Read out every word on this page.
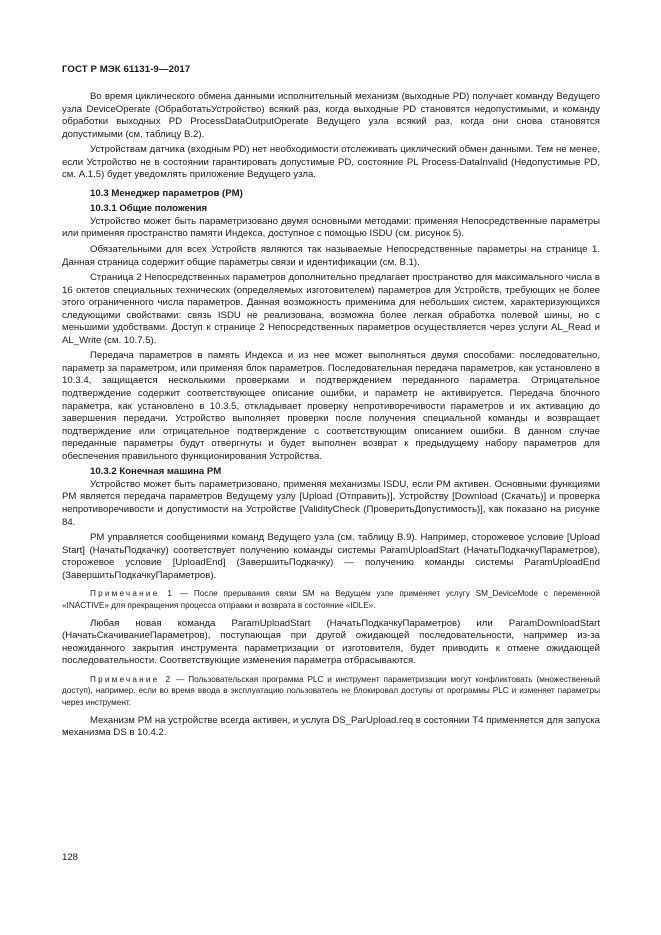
ГОСТ Р МЭК 61131-9—2017

Во время циклического обмена данными исполнительный механизм (выходные PD) получает команду Ведущего узла DeviceOperate (ОбработатьУстройство) всякий раз, когда выходные PD становятся недопустимыми, и команду обработки выходных PD ProcessDataOutputOperate Ведущего узла всякий раз, когда они снова становятся допустимыми (см. таблицу B.2).

Устройствам датчика (входным PD) нет необходимости отслеживать циклический обмен данными. Тем не менее, если Устройство не в состоянии гарантировать допустимые PD, состояние PL Process-DataInvalid (Недопустимые PD, см. A.1.5) будет уведомлять приложение Ведущего узла.

10.3 Менеджер параметров (PM)
10.3.1 Общие положения

Устройство может быть параметризовано двумя основными методами: применяя Непосредственные параметры или применяя пространство памяти Индекса, доступное с помощью ISDU (см. рисунок 5).

Обязательными для всех Устройств являются так называемые Непосредственные параметры на странице 1. Данная страница содержит общие параметры связи и идентификации (см. B.1).

Страница 2 Непосредственных параметров дополнительно предлагает пространство для максимального числа в 16 октетов специальных технических (определяемых изготовителем) параметров для Устройств, требующих не более этого ограниченного числа параметров. Данная возможность применима для небольших систем, характеризующихся следующими свойствами: связь ISDU не реализована, возможна более легкая обработка полевой шины, но с меньшими удобствами. Доступ к странице 2 Непосредственных параметров осуществляется через услуги AL_Read и AL_Write (см. 10.7.5).

Передача параметров в память Индекса и из нее может выполняться двумя способами: последовательно, параметр за параметром, или применяя блок параметров. Последовательная передача параметров, как установлено в 10.3.4, защищается несколькими проверками и подтверждением переданного параметра. Отрицательное подтверждение содержит соответствующее описание ошибки, и параметр не активируется. Передача блочного параметра, как установлено в 10.3.5, откладывает проверку непротиворечивости параметров и их активацию до завершения передачи. Устройство выполняет проверки после получения специальной команды и возвращает подтверждение или отрицательное подтверждение с соответствующим описанием ошибки. В данном случае переданные параметры будут отвергнуты и будет выполнен возврат к предыдущему набору параметров для обеспечения правильного функционирования Устройства.

10.3.2 Конечная машина PM

Устройство может быть параметризовано, применяя механизмы ISDU, если PM активен. Основными функциями PM является передача параметров Ведущему узлу [Upload (Отправить)], Устройству [Download (Скачать)] и проверка непротиворечивости и допустимости на Устройстве [ValidityCheck (ПроверитьДопустимость)], как показано на рисунке 84.

PM управляется сообщениями команд Ведущего узла (см. таблицу B.9). Например, сторожевое условие [Upload Start] (НачатьПодкачку) соответствует получению команды системы ParamUploadStart (НачатьПодкачкуПараметров), сторожевое условие [UploadEnd] (ЗавершитьПодкачку) — получению команды системы ParamUploadEnd (ЗавершитьПодкачкуПараметров).

Примечание 1 — После прерывания связи SM на Ведущем узле применяет услугу SM_DeviceMode с переменной «INACTIVE» для прекращения процесса отправки и возврата в состояние «IDLE».

Любая новая команда ParamUploadStart (НачатьПодкачкуПараметров) или ParamDownloadStart (НачатьСкачиваниеПараметров), поступающая при другой ожидающей последовательности, например из-за неожиданного закрытия инструмента параметризации от изготовителя, будет приводить к отмене ожидающей последовательности. Соответствующие изменения параметра отбрасываются.

Примечание 2 — Пользовательская программа PLC и инструмент параметризации могут конфликтовать (множественный доступ), например, если во время ввода в эксплуатацию пользователь не блокировал доступы от программы PLC и изменяет параметры через инструмент.

Механизм PM на устройстве всегда активен, и услуга DS_ParUpload.req в состоянии T4 применяется для запуска механизма DS в 10.4.2.

128
